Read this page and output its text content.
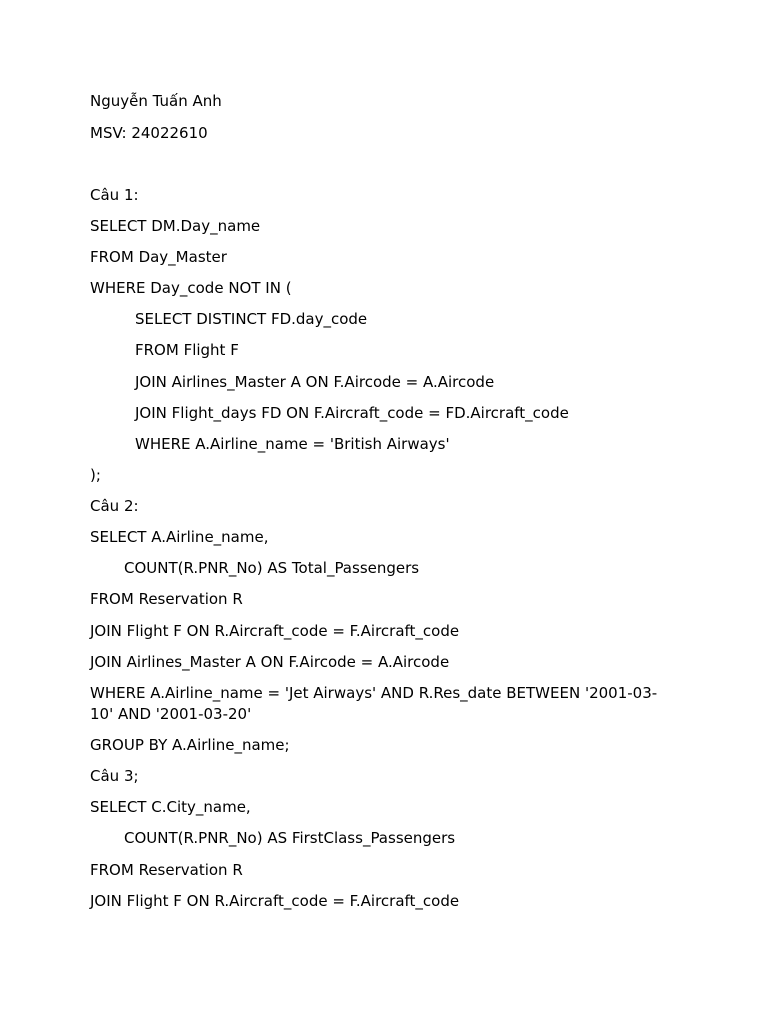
Nguyễn Tuấn Anh
MSV: 24022610
Câu 1:
SELECT DM.Day_name
FROM Day_Master
WHERE Day_code NOT IN (
SELECT DISTINCT FD.day_code
FROM Flight F
JOIN Airlines_Master A ON F.Aircode = A.Aircode
JOIN Flight_days FD ON F.Aircraft_code = FD.Aircraft_code
WHERE A.Airline_name = 'British Airways'
);
Câu 2:
SELECT A.Airline_name,
COUNT(R.PNR_No) AS Total_Passengers
FROM Reservation R
JOIN Flight F ON R.Aircraft_code = F.Aircraft_code
JOIN Airlines_Master A ON F.Aircode = A.Aircode
WHERE A.Airline_name = 'Jet Airways' AND R.Res_date BETWEEN '2001-03-10' AND '2001-03-20'
GROUP BY A.Airline_name;
Câu 3;
SELECT C.City_name,
COUNT(R.PNR_No) AS FirstClass_Passengers
FROM Reservation R
JOIN Flight F ON R.Aircraft_code = F.Aircraft_code
